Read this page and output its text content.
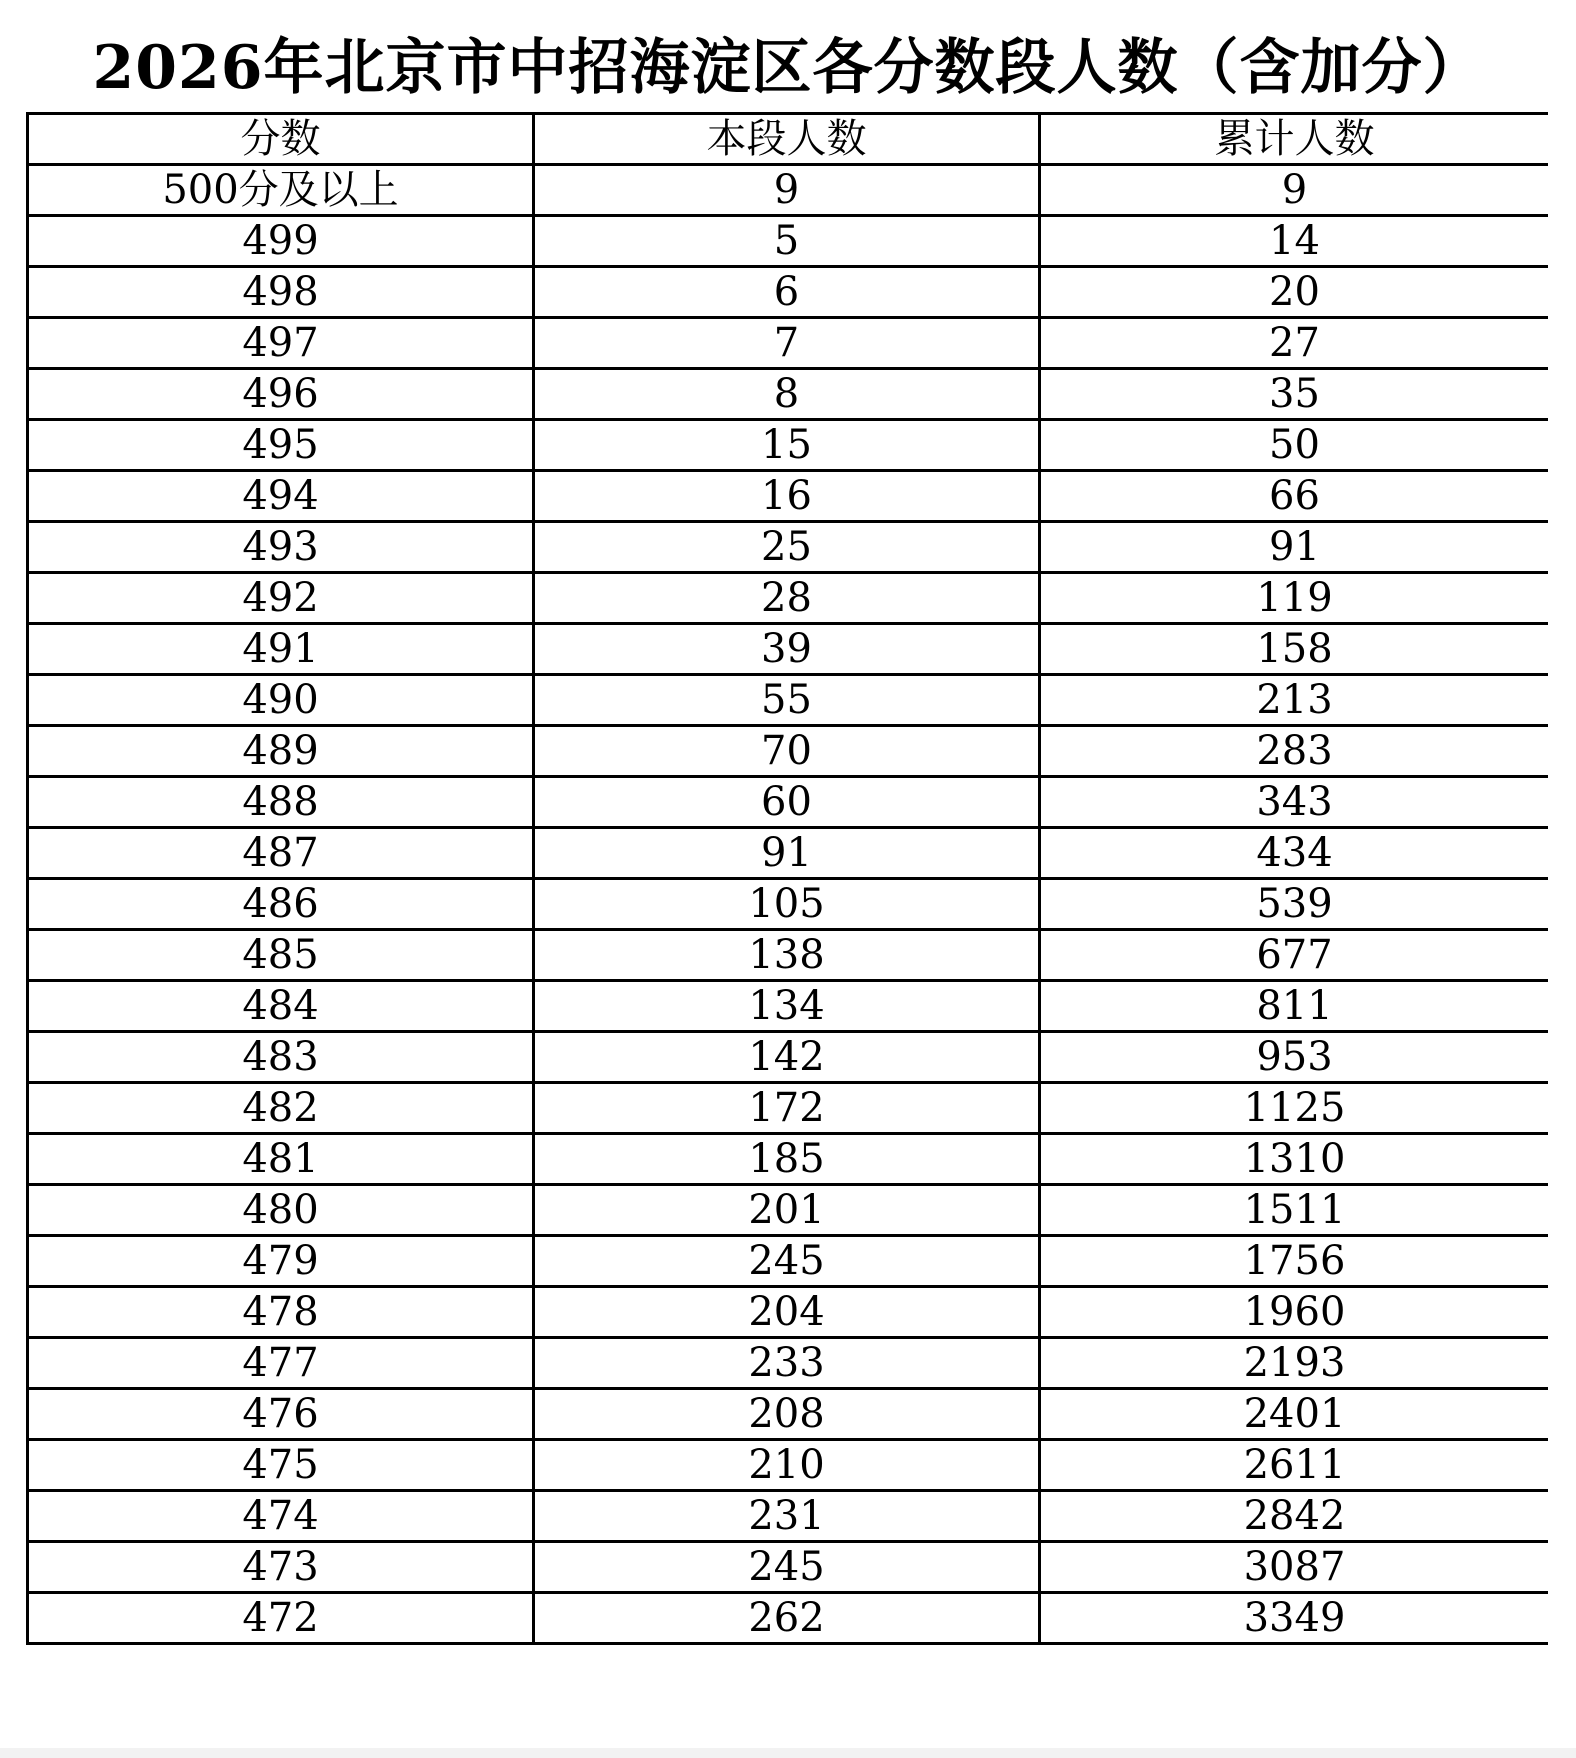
2026年北京市中招海淀区各分数段人数（含加分）
分数	本段人数	累计人数
500分及以上	9	9
499	5	14
498	6	20
497	7	27
496	8	35
495	15	50
494	16	66
493	25	91
492	28	119
491	39	158
490	55	213
489	70	283
488	60	343
487	91	434
486	105	539
485	138	677
484	134	811
483	142	953
482	172	1125
481	185	1310
480	201	1511
479	245	1756
478	204	1960
477	233	2193
476	208	2401
475	210	2611
474	231	2842
473	245	3087
472	262	3349
